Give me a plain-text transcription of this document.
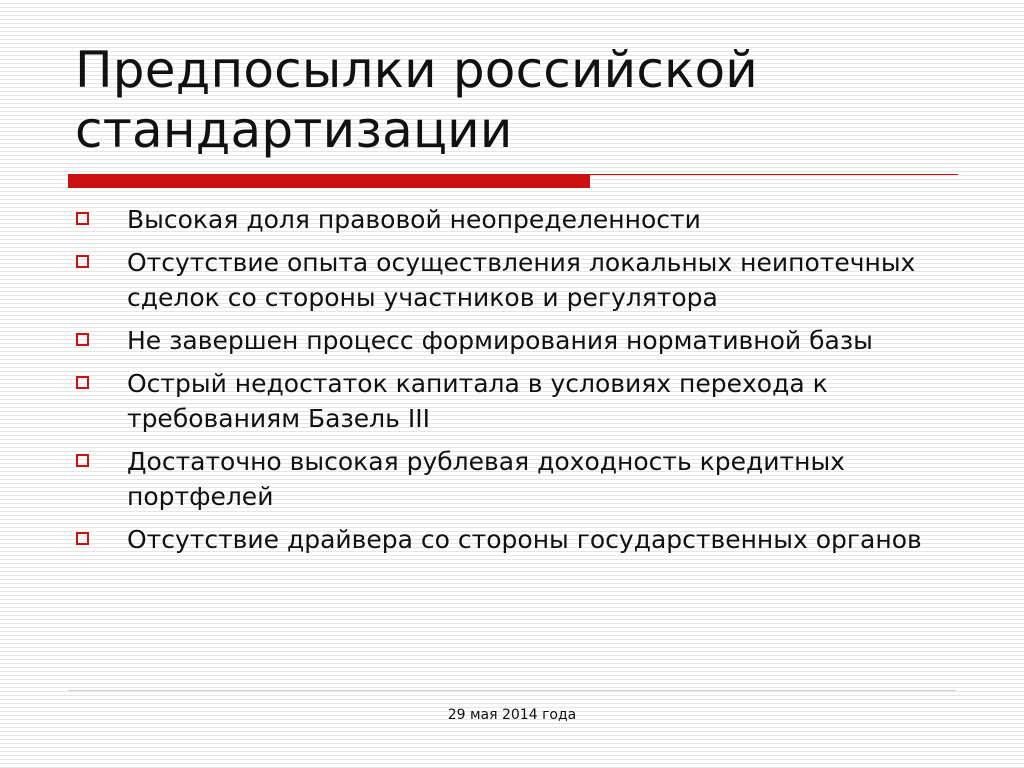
Предпосылки российской стандартизации
Высокая доля правовой неопределенности
Отсутствие опыта осуществления локальных неипотечных сделок со стороны участников и регулятора
Не завершен процесс формирования нормативной базы
Острый недостаток капитала в условиях перехода к требованиям Базель III
Достаточно высокая рублевая доходность кредитных портфелей
Отсутствие драйвера со стороны государственных органов
29 мая 2014 года
